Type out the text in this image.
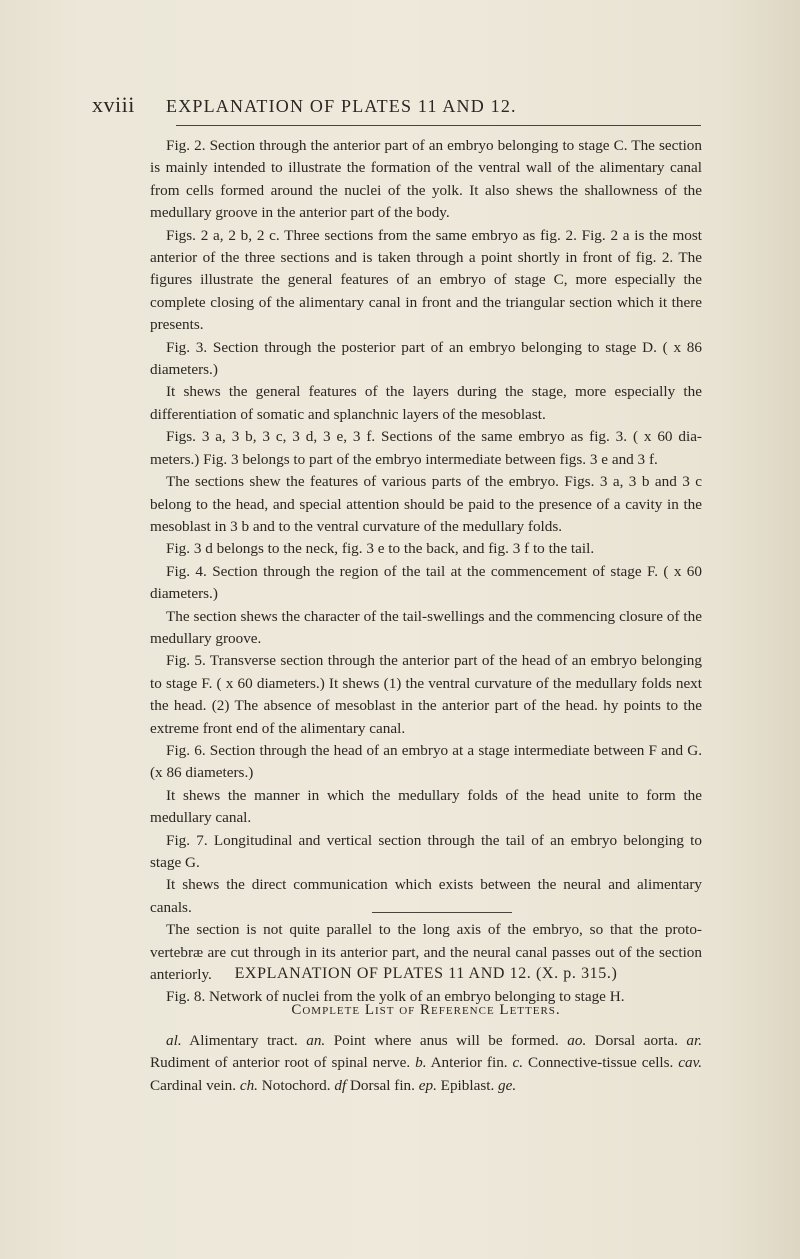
xviii	EXPLANATION OF PLATES 11 AND 12.

Fig. 2. Section through the anterior part of an embryo belonging to stage C. The section is mainly intended to illustrate the formation of the ventral wall of the alimentary canal from cells formed around the nuclei of the yolk. It also shews the shallowness of the medullary groove in the anterior part of the body.

Figs. 2 a, 2 b, 2 c. Three sections from the same embryo as fig. 2. Fig. 2 a is the most anterior of the three sections and is taken through a point shortly in front of fig. 2. The figures illustrate the general features of an embryo of stage C, more especially the complete closing of the alimentary canal in front and the triangular section which it there presents.

Fig. 3. Section through the posterior part of an embryo belonging to stage D. ( x 86 diameters.)

It shews the general features of the layers during the stage, more especially the differentiation of somatic and splanchnic layers of the mesoblast.

Figs. 3 a, 3 b, 3 c, 3 d, 3 e, 3 f. Sections of the same embryo as fig. 3. ( x 60 dia- meters.) Fig. 3 belongs to part of the embryo intermediate between figs. 3 e and 3 f.

The sections shew the features of various parts of the embryo. Figs. 3 a, 3 b and 3 c belong to the head, and special attention should be paid to the presence of a cavity in the mesoblast in 3 b and to the ventral curvature of the medullary folds.

Fig. 3 d belongs to the neck, fig. 3 e to the back, and fig. 3 f to the tail.

Fig. 4. Section through the region of the tail at the commencement of stage F. ( x 60 diameters.)

The section shews the character of the tail-swellings and the commencing closure of the medullary groove.

Fig. 5. Transverse section through the anterior part of the head of an embryo belonging to stage F. ( x 60 diameters.) It shews (1) the ventral curvature of the medullary folds next the head. (2) The absence of mesoblast in the anterior part of the head. hy points to the extreme front end of the alimentary canal.

Fig. 6. Section through the head of an embryo at a stage intermediate between F and G. (x 86 diameters.)

It shews the manner in which the medullary folds of the head unite to form the medullary canal.

Fig. 7. Longitudinal and vertical section through the tail of an embryo belonging to stage G.

It shews the direct communication which exists between the neural and alimentary canals.

The section is not quite parallel to the long axis of the embryo, so that the proto- vertebræ are cut through in its anterior part, and the neural canal passes out of the section anteriorly.

Fig. 8. Network of nuclei from the yolk of an embryo belonging to stage H.

EXPLANATION OF PLATES 11 AND 12. (X. p. 315.)
Complete List of Reference Letters.

al. Alimentary tract. an. Point where anus will be formed. ao. Dorsal aorta. ar. Rudiment of anterior root of spinal nerve. b. Anterior fin. c. Connective-tissue cells. cav. Cardinal vein. ch. Notochord. df Dorsal fin. ep. Epiblast. ge.
